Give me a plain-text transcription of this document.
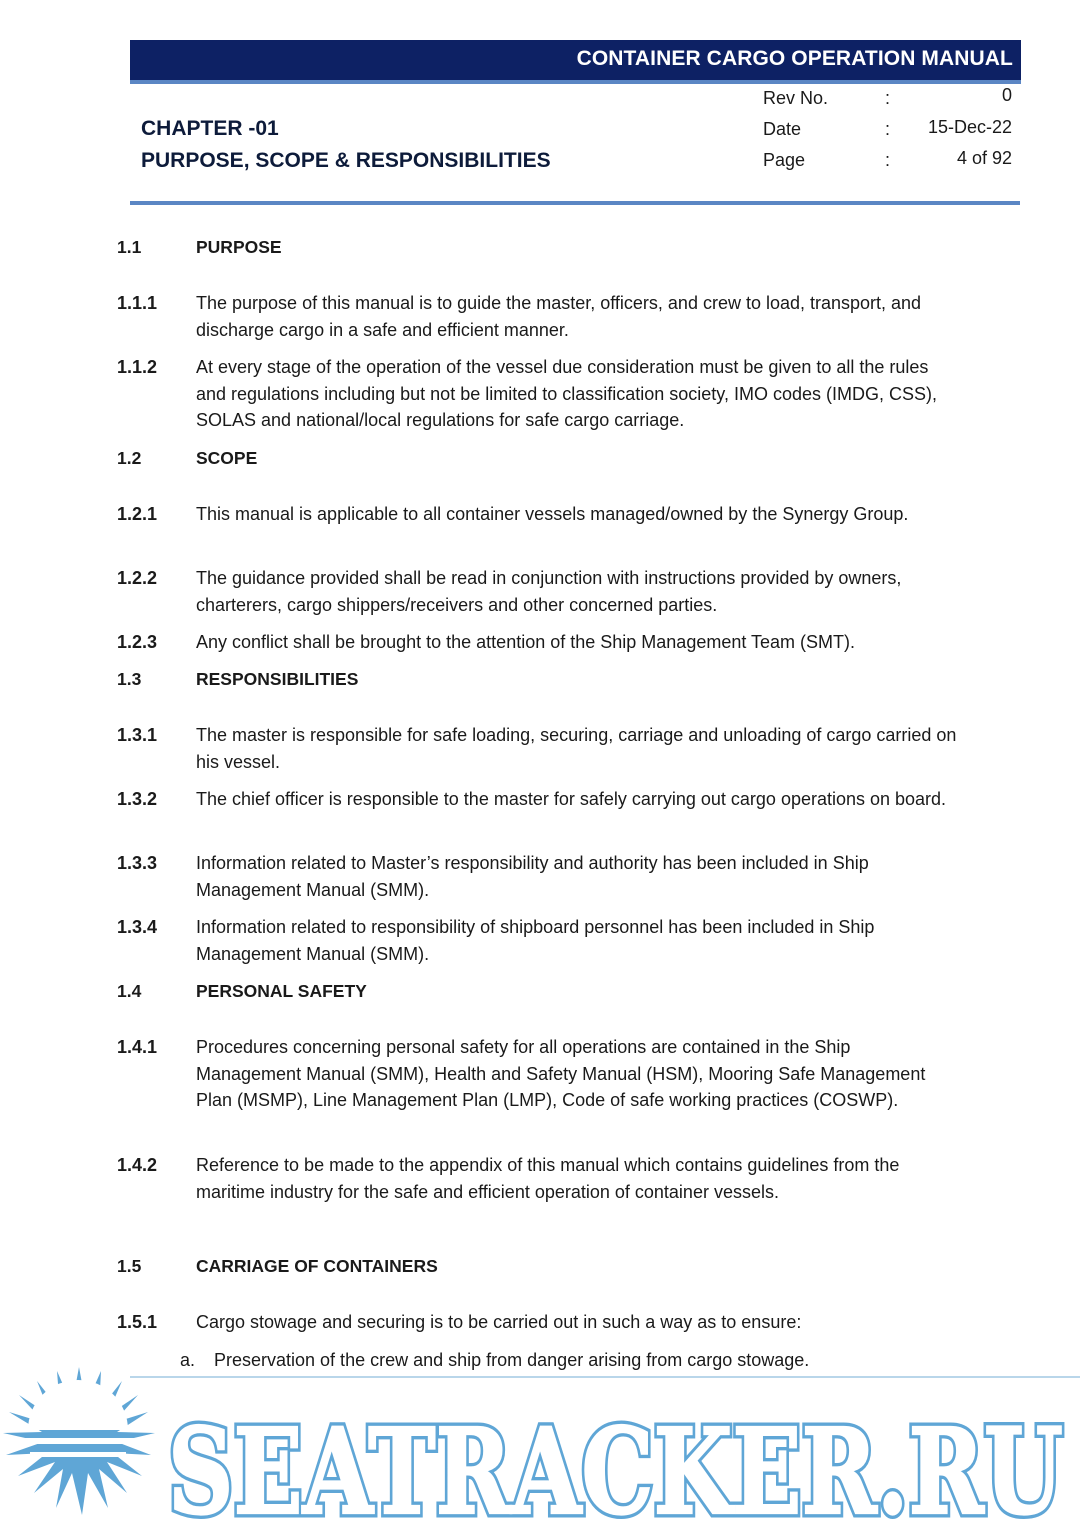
CONTAINER CARGO OPERATION MANUAL
CHAPTER -01
PURPOSE, SCOPE & RESPONSIBILITIES
Rev No.	:	0
Date	: 15-Dec-22
Page	:	4 of 92
1.1	PURPOSE
1.1.1 The purpose of this manual is to guide the master, officers, and crew to load, transport, and discharge cargo in a safe and efficient manner.
1.1.2 At every stage of the operation of the vessel due consideration must be given to all the rules and regulations including but not be limited to classification society, IMO codes (IMDG, CSS), SOLAS and national/local regulations for safe cargo carriage.
1.2	SCOPE
1.2.1 This manual is applicable to all container vessels managed/owned by the Synergy Group.
1.2.2 The guidance provided shall be read in conjunction with instructions provided by owners, charterers, cargo shippers/receivers and other concerned parties.
1.2.3 Any conflict shall be brought to the attention of the Ship Management Team (SMT).
1.3	RESPONSIBILITIES
1.3.1 The master is responsible for safe loading, securing, carriage and unloading of cargo carried on his vessel.
1.3.2 The chief officer is responsible to the master for safely carrying out cargo operations on board.
1.3.3 Information related to Master’s responsibility and authority has been included in Ship Management Manual (SMM).
1.3.4 Information related to responsibility of shipboard personnel has been included in Ship Management Manual (SMM).
1.4	PERSONAL SAFETY
1.4.1 Procedures concerning personal safety for all operations are contained in the Ship Management Manual (SMM), Health and Safety Manual (HSM), Mooring Safe Management Plan (MSMP), Line Management Plan (LMP), Code of safe working practices (COSWP).
1.4.2 Reference to be made to the appendix of this manual which contains guidelines from the maritime industry for the safe and efficient operation of container vessels.
1.5	CARRIAGE OF CONTAINERS
1.5.1 Cargo stowage and securing is to be carried out in such a way as to ensure:
a. Preservation of the crew and ship from danger arising from cargo stowage.
SEATRACKER.RU
SEATRACKER.RU
